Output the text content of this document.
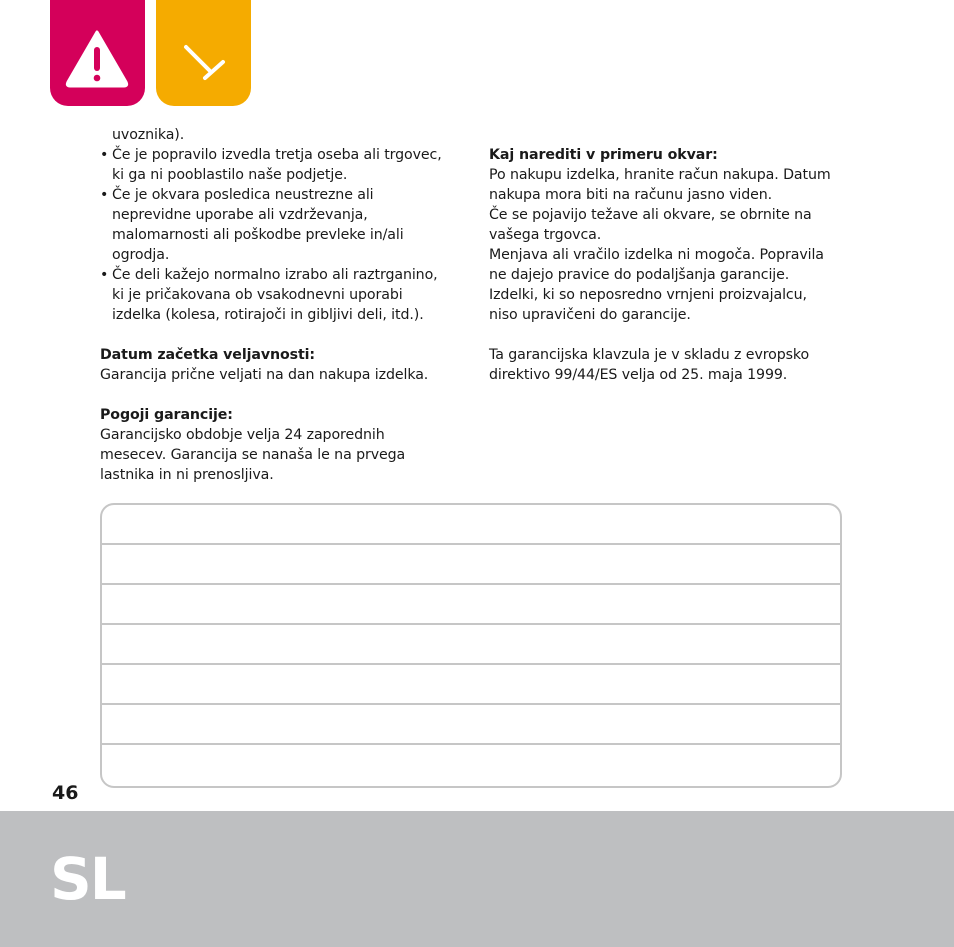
uvoznika).
• Če je popravilo izvedla tretja oseba ali trgovec,
ki ga ni pooblastilo naše podjetje.
• Če je okvara posledica neustrezne ali
neprevidne uporabe ali vzdrževanja,
malomarnosti ali poškodbe prevleke in/ali
ogrodja.
• Če deli kažejo normalno izrabo ali raztrganino,
ki je pričakovana ob vsakodnevni uporabi
izdelka (kolesa, rotirajoči in gibljivi deli, itd.).
Datum začetka veljavnosti:
Garancija prične veljati na dan nakupa izdelka.
Pogoji garancije:
Garancijsko obdobje velja 24 zaporednih
mesecev. Garancija se nanaša le na prvega
lastnika in ni prenosljiva.
Kaj narediti v primeru okvar:
Po nakupu izdelka, hranite račun nakupa. Datum
nakupa mora biti na računu jasno viden.
Če se pojavijo težave ali okvare, se obrnite na
vašega trgovca.
Menjava ali vračilo izdelka ni mogoča. Popravila
ne dajejo pravice do podaljšanja garancije.
Izdelki, ki so neposredno vrnjeni proizvajalcu,
niso upravičeni do garancije.
Ta garancijska klavzula je v skladu z evropsko
direktivo 99/44/ES velja od 25. maja 1999.
46
SL
